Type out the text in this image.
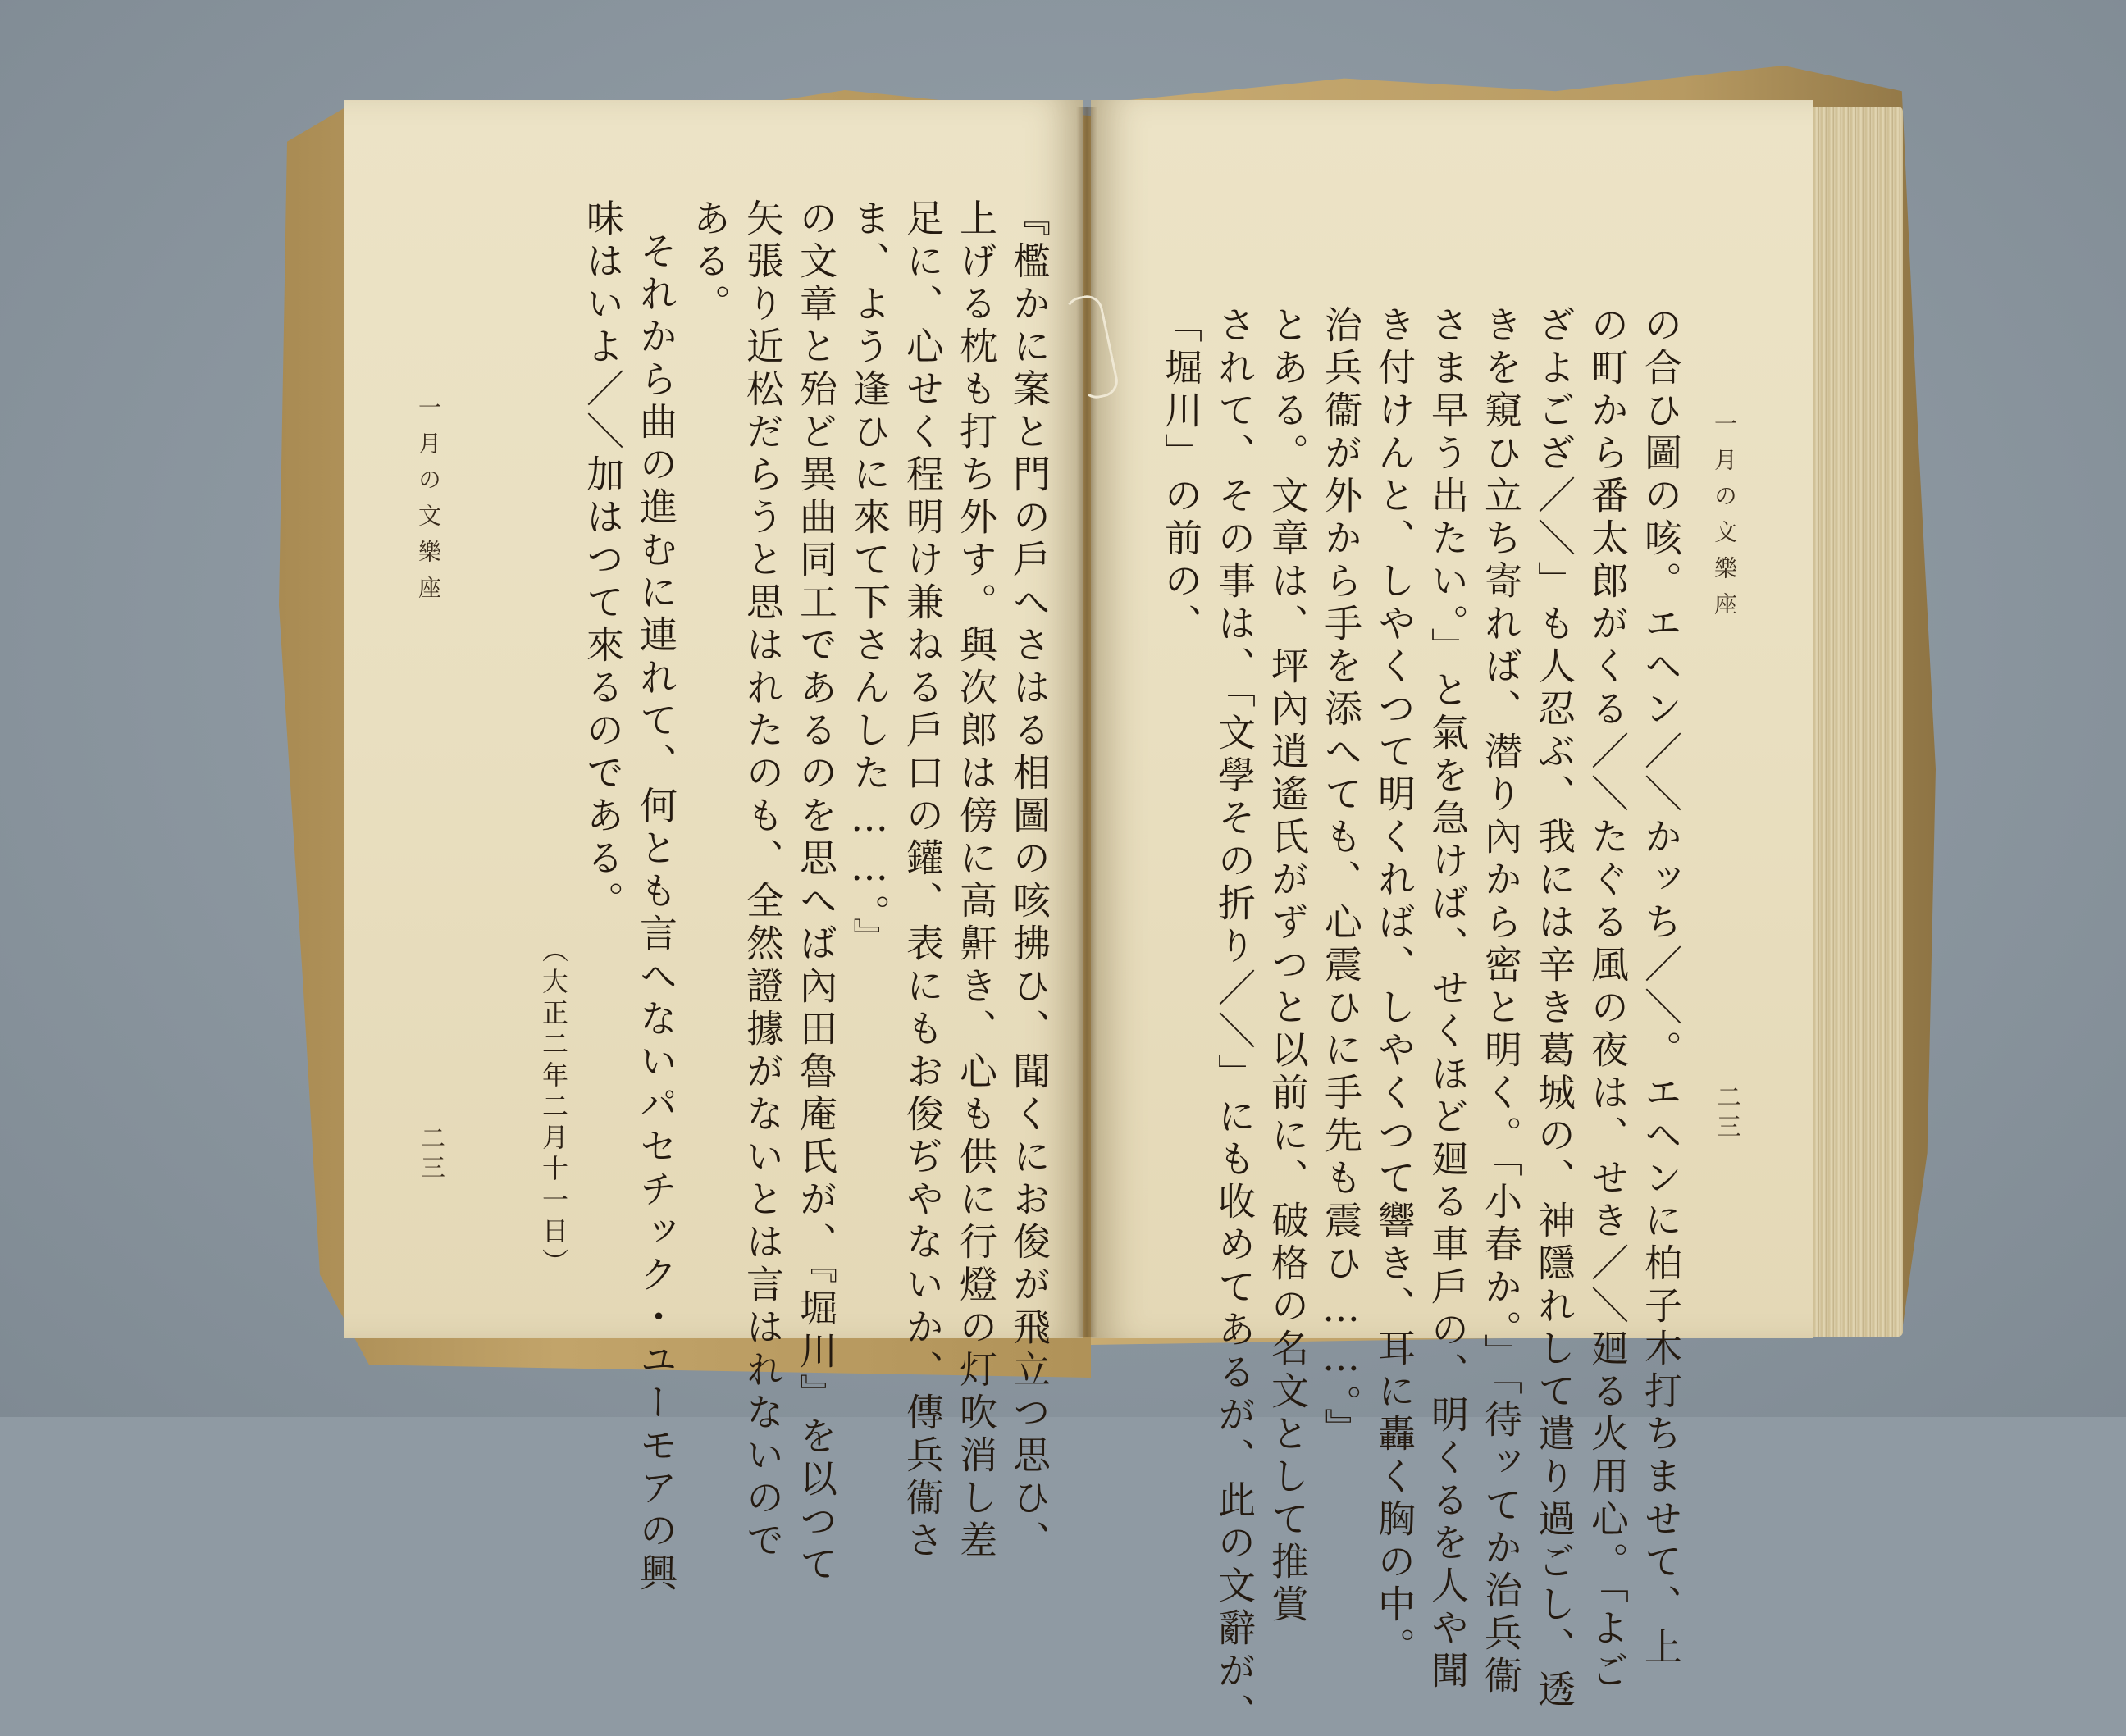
『檻かに案と門の戶へさはる相圖の咳拂ひ、聞くにお俊が飛立つ思ひ、
上げる枕も打ち外す。與次郎は傍に高鼾き、心も供に行燈の灯吹消し差
足に、心せく程明け兼ねる戶口の鑵、表にもお俊ぢやないか、傳兵衞さ
ま、よう逢ひに來て下さんした……。』
の文章と殆ど異曲同工であるのを思へば內田魯庵氏が、『堀川』を以つて
矢張り近松だらうと思はれたのも、全然證據がないとは言はれないので
ある。
それから曲の進むに連れて、何とも言へないパセチック・ユーモアの興
味はいよ／＼加はつて來るのである。
（大正二年二月十一日）
一月の文樂座
二三
一月の文樂座
二三
の合ひ圖の咳。エヘン／＼かッち／＼。エヘンに柏子木打ちませて、上
の町から番太郎がくる／＼たぐる風の夜は、せき／＼廻る火用心。「よご
ざよござ／＼」も人忍ぶ、我には辛き葛城の、神隱れして遣り過ごし、透
きを窺ひ立ち寄れば、潜り內から密と明く。「小春か。」「待ッてか治兵衞
さま早う出たい。」と氣を急けば、せくほど廻る車戶の、明くるを人や聞
き付けんと、しやくつて明くれば、しやくつて響き、耳に轟く胸の中。
治兵衞が外から手を添へても、心震ひに手先も震ひ……。』
とある。文章は、坪內逍遙氏がずつと以前に、破格の名文として推賞
されて、その事は、「文學その折り／＼」にも收めてあるが、此の文辭が、
「堀川」の前の、
